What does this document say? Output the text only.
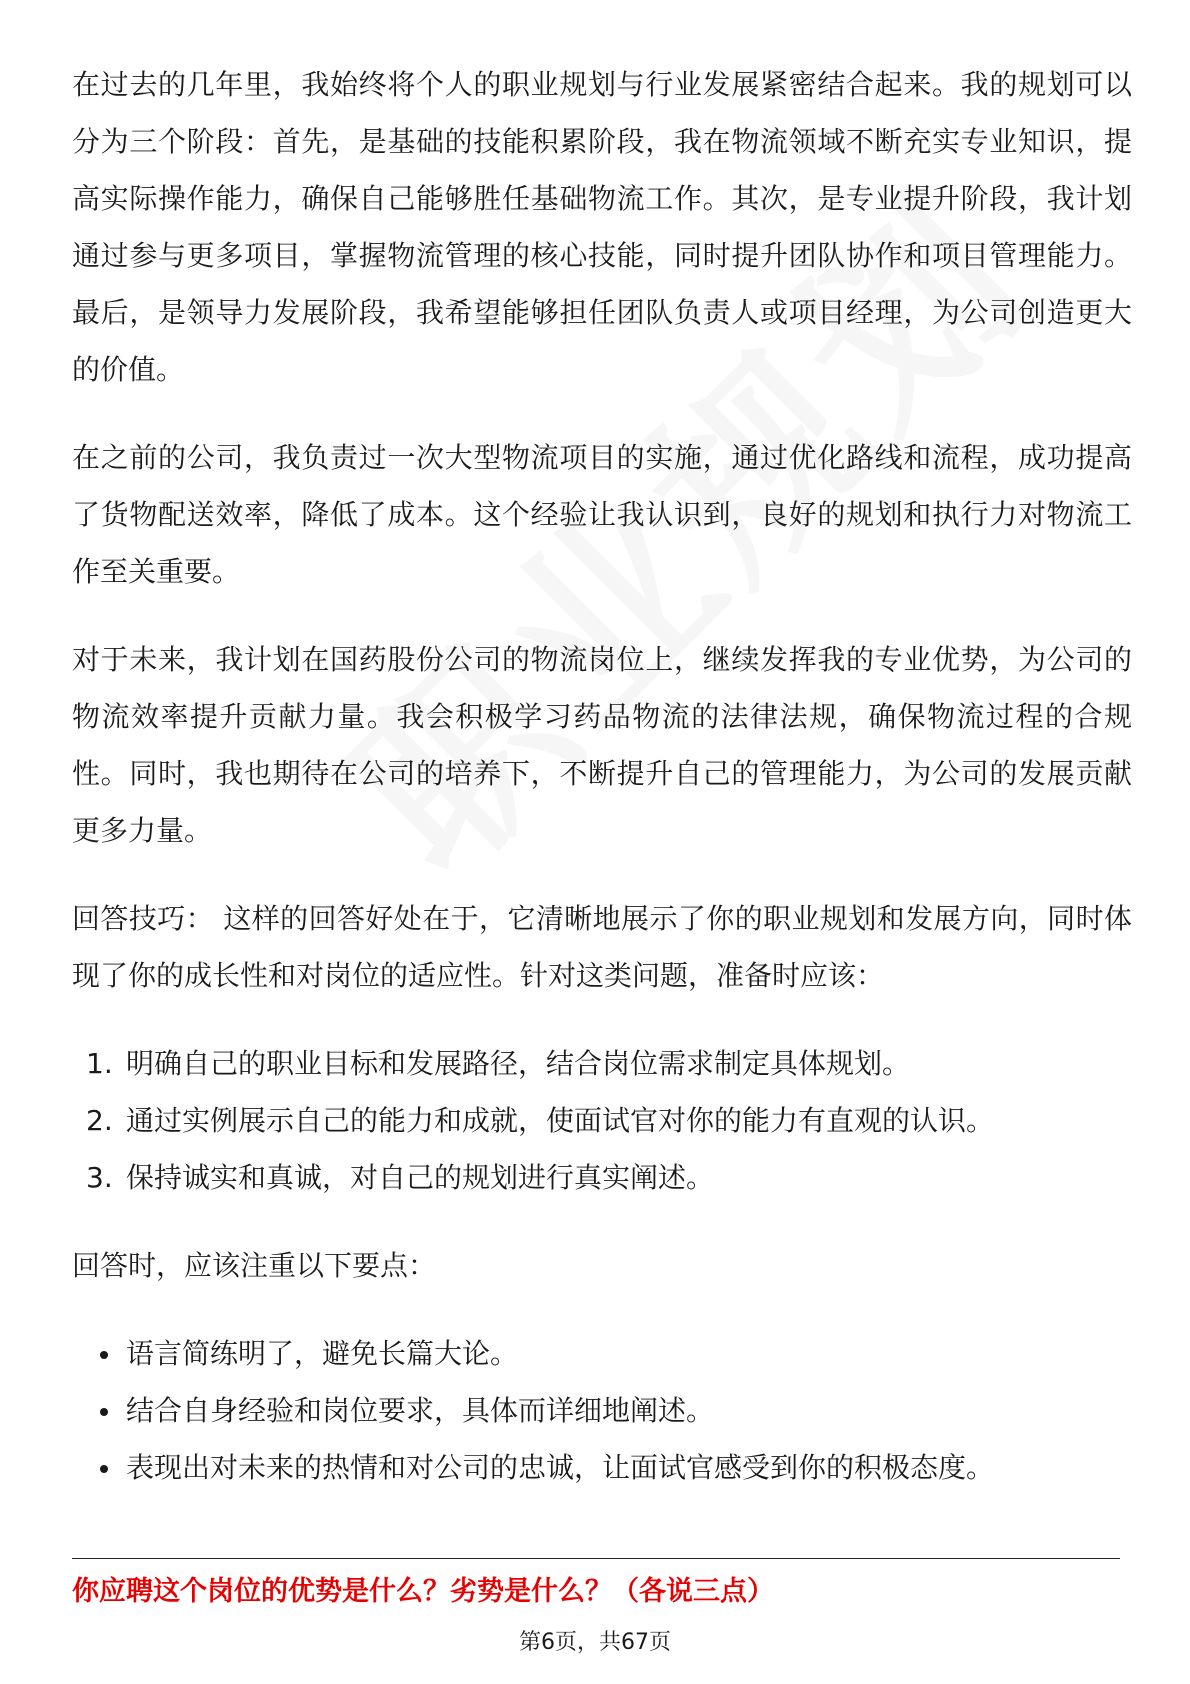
在过去的几年里，我始终将个人的职业规划与行业发展紧密结合起来。我的规划可以分为三个阶段：首先，是基础的技能积累阶段，我在物流领域不断充实专业知识，提高实际操作能力，确保自己能够胜任基础物流工作。其次，是专业提升阶段，我计划通过参与更多项目，掌握物流管理的核心技能，同时提升团队协作和项目管理能力。最后，是领导力发展阶段，我希望能够担任团队负责人或项目经理，为公司创造更大的价值。

在之前的公司，我负责过一次大型物流项目的实施，通过优化路线和流程，成功提高了货物配送效率，降低了成本。这个经验让我认识到，良好的规划和执行力对物流工作至关重要。

对于未来，我计划在国药股份公司的物流岗位上，继续发挥我的专业优势，为公司的物流效率提升贡献力量。我会积极学习药品物流的法律法规，确保物流过程的合规性。同时，我也期待在公司的培养下，不断提升自己的管理能力，为公司的发展贡献更多力量。

回答技巧： 这样的回答好处在于，它清晰地展示了你的职业规划和发展方向，同时体现了你的成长性和对岗位的适应性。针对这类问题，准备时应该：

1. 明确自己的职业目标和发展路径，结合岗位需求制定具体规划。
2. 通过实例展示自己的能力和成就，使面试官对你的能力有直观的认识。
3. 保持诚实和真诚，对自己的规划进行真实阐述。

回答时，应该注重以下要点：

语言简练明了，避免长篇大论。
结合自身经验和岗位要求，具体而详细地阐述。
表现出对未来的热情和对公司的忠诚，让面试官感受到你的积极态度。
你应聘这个岗位的优势是什么？劣势是什么？（各说三点）
第6页，共67页
